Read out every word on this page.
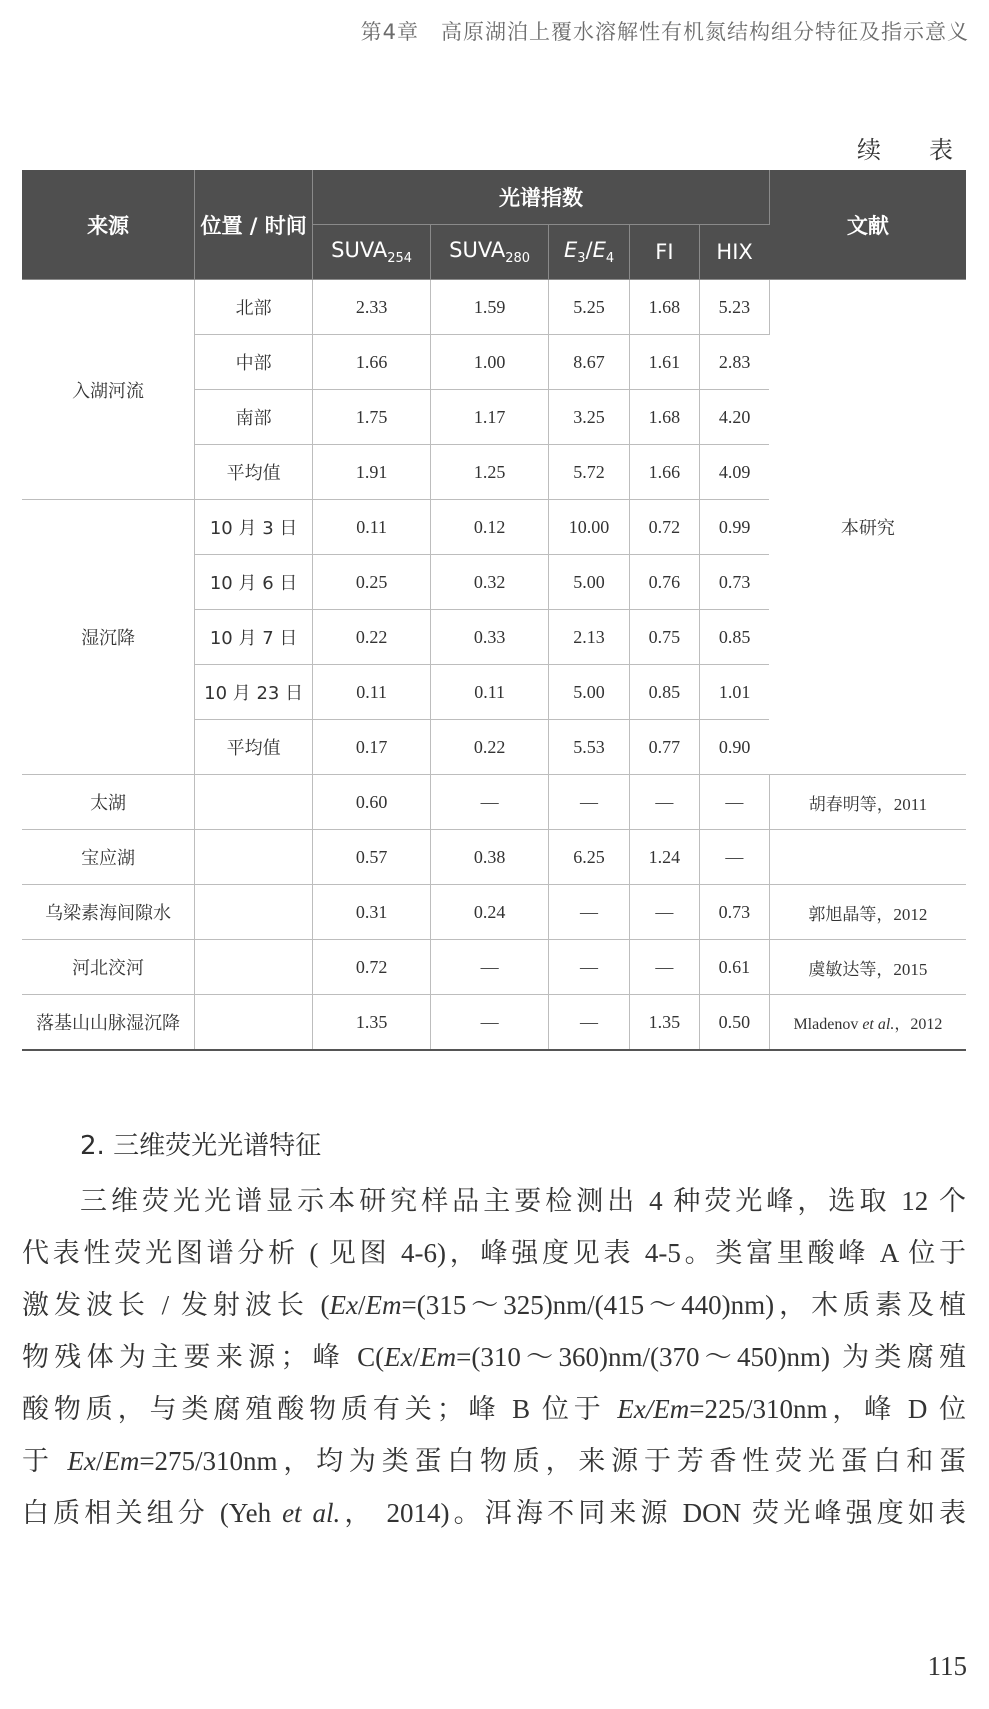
第4章　高原湖泊上覆水溶解性有机氮结构组分特征及指示意义
续　表
来源	位置 / 时间	光谱指数					文献
		$SUVA_{254}$	$SUVA_{280}$	$E_3/E_4$	FI	HIX	
入湖河流	北部	2.33	1.59	5.25	1.68	5.23	本研究
	中部	1.66	1.00	8.67	1.61	2.83	
	南部	1.75	1.17	3.25	1.68	4.20	
	平均值	1.91	1.25	5.72	1.66	4.09	
湿沉降	10 月 3 日	0.11	0.12	10.00	0.72	0.99	
	10 月 6 日	0.25	0.32	5.00	0.76	0.73	
	10 月 7 日	0.22	0.33	2.13	0.75	0.85	
	10 月 23 日	0.11	0.11	5.00	0.85	1.01	
	平均值	0.17	0.22	5.53	0.77	0.90	
太湖		0.60	—	—	—	—	胡春明等，2011
宝应湖		0.57	0.38	6.25	1.24	—	
乌梁素海间隙水		0.31	0.24	—	—	0.73	郭旭晶等，2012
河北洨河		0.72	—	—	—	0.61	虞敏达等，2015
落基山山脉湿沉降		1.35	—	—	1.35	0.50	Mladenov et al.，2012
2. 三维荧光光谱特征
三维荧光光谱显示本研究样品主要检测出 4 种荧光峰，选取 12 个
代表性荧光图谱分析 ( 见图 4-6)，峰强度见表 4-5。类富里酸峰 A 位于
激发波长 / 发射波长 (Ex/Em=(315～325)nm/(415～440)nm)，木质素及植
物残体为主要来源；峰 C(Ex/Em=(310～360)nm/(370～450)nm) 为类腐殖
酸物质，与类腐殖酸物质有关；峰 B 位于 Ex/Em=225/310nm，峰 D 位
于 Ex/Em=275/310nm，均为类蛋白物质，来源于芳香性荧光蛋白和蛋
白质相关组分 (Yeh et al.， 2014)。洱海不同来源 DON 荧光峰强度如表
115
